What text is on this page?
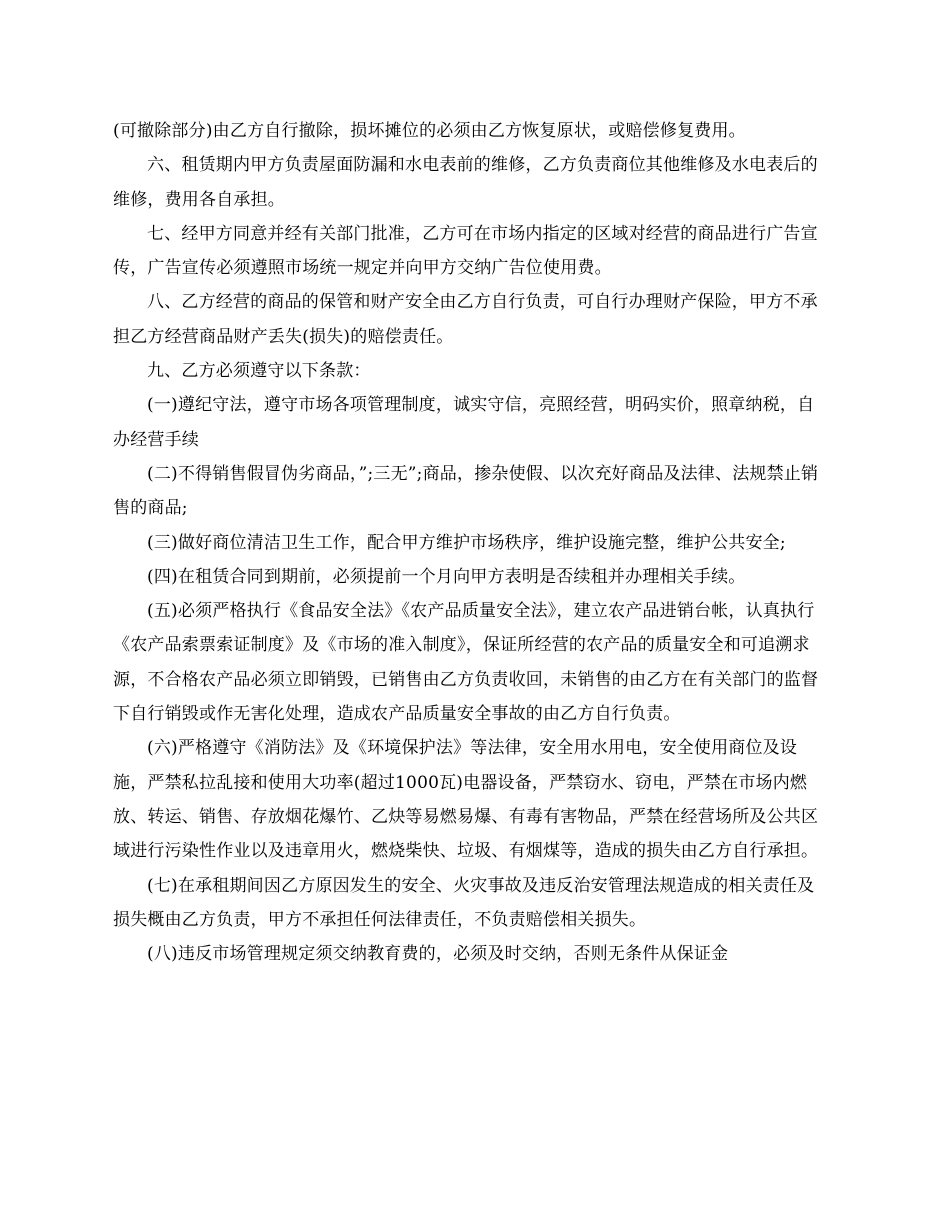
(可撤除部分)由乙方自行撤除，损坏摊位的必须由乙方恢复原状，或赔偿修复费用。

六、租赁期内甲方负责屋面防漏和水电表前的维修，乙方负责商位其他维修及水电表后的维修，费用各自承担。

七、经甲方同意并经有关部门批准，乙方可在市场内指定的区域对经营的商品进行广告宣传，广告宣传必须遵照市场统一规定并向甲方交纳广告位使用费。

八、乙方经营的商品的保管和财产安全由乙方自行负责，可自行办理财产保险，甲方不承担乙方经营商品财产丢失(损失)的赔偿责任。

九、乙方必须遵守以下条款：

(一)遵纪守法，遵守市场各项管理制度，诚实守信，亮照经营，明码实价，照章纳税，自办经营手续

(二)不得销售假冒伪劣商品，”;三无”;商品，掺杂使假、以次充好商品及法律、法规禁止销售的商品;

(三)做好商位清洁卫生工作，配合甲方维护市场秩序，维护设施完整，维护公共安全;

(四)在租赁合同到期前，必须提前一个月向甲方表明是否续租并办理相关手续。

(五)必须严格执行《食品安全法》《农产品质量安全法》，建立农产品进销台帐，认真执行《农产品索票索证制度》及《市场的准入制度》，保证所经营的农产品的质量安全和可追溯求源，不合格农产品必须立即销毁，已销售由乙方负责收回，未销售的由乙方在有关部门的监督下自行销毁或作无害化处理，造成农产品质量安全事故的由乙方自行负责。

(六)严格遵守《消防法》及《环境保护法》等法律，安全用水用电，安全使用商位及设施，严禁私拉乱接和使用大功率(超过1000瓦)电器设备，严禁窃水、窃电，严禁在市场内燃放、转运、销售、存放烟花爆竹、乙炔等易燃易爆、有毒有害物品，严禁在经营场所及公共区域进行污染性作业以及违章用火，燃烧柴快、垃圾、有烟煤等，造成的损失由乙方自行承担。

(七)在承租期间因乙方原因发生的安全、火灾事故及违反治安管理法规造成的相关责任及损失概由乙方负责，甲方不承担任何法律责任，不负责赔偿相关损失。

(八)违反市场管理规定须交纳教育费的，必须及时交纳，否则无条件从保证金
